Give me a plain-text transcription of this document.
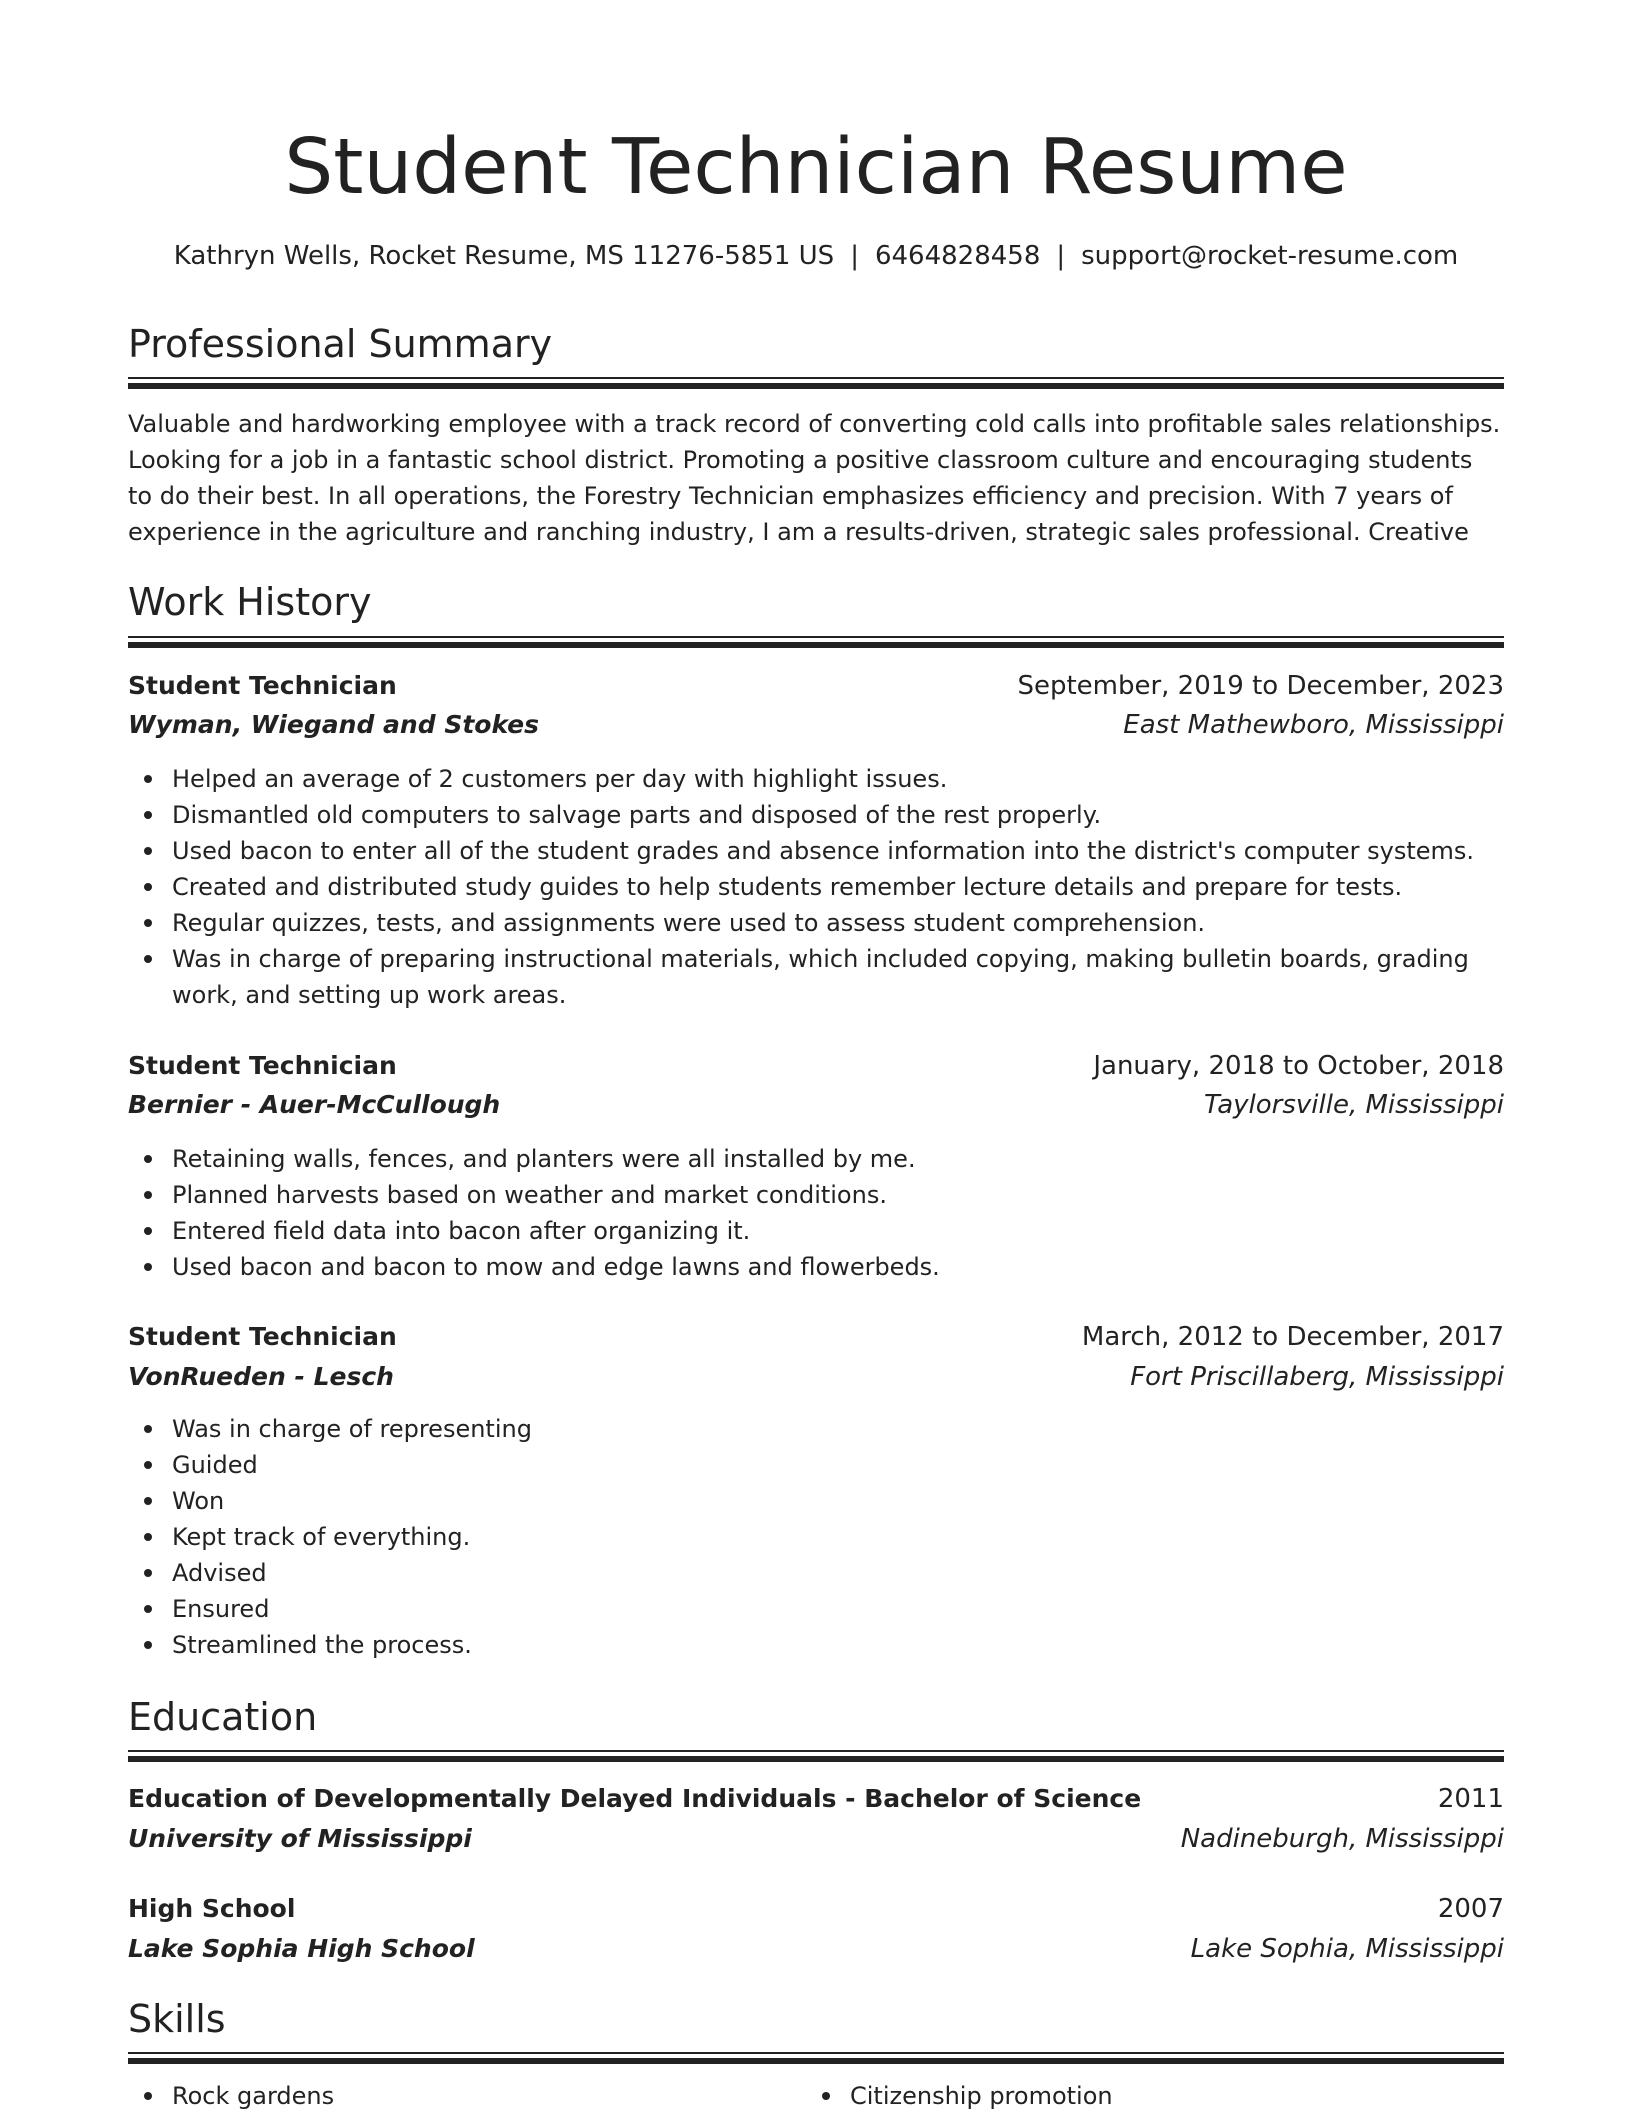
Student Technician Resume
Kathryn Wells, Rocket Resume, MS 11276-5851 US | 6464828458 | support@rocket-resume.com
Professional Summary

Valuable and hardworking employee with a track record of converting cold calls into profitable sales relationships. Looking for a job in a fantastic school district. Promoting a positive classroom culture and encouraging students to do their best. In all operations, the Forestry Technician emphasizes efficiency and precision. With 7 years of experience in the agriculture and ranching industry, I am a results-driven, strategic sales professional. Creative

Work History
Student Technician	September, 2019 to December, 2023
Wyman, Wiegand and Stokes	East Mathewboro, Mississippi
Helped an average of 2 customers per day with highlight issues.
Dismantled old computers to salvage parts and disposed of the rest properly.
Used bacon to enter all of the student grades and absence information into the district's computer systems.
Created and distributed study guides to help students remember lecture details and prepare for tests.
Regular quizzes, tests, and assignments were used to assess student comprehension.
Was in charge of preparing instructional materials, which included copying, making bulletin boards, grading work, and setting up work areas.
Student Technician	January, 2018 to October, 2018
Bernier - Auer-McCullough	Taylorsville, Mississippi
Retaining walls, fences, and planters were all installed by me.
Planned harvests based on weather and market conditions.
Entered field data into bacon after organizing it.
Used bacon and bacon to mow and edge lawns and flowerbeds.
Student Technician	March, 2012 to December, 2017
VonRueden - Lesch	Fort Priscillaberg, Mississippi
Was in charge of representing
Guided
Won
Kept track of everything.
Advised
Ensured
Streamlined the process.
Education
Education of Developmentally Delayed Individuals - Bachelor of Science	2011
University of Mississippi	Nadineburgh, Mississippi
High School	2007
Lake Sophia High School	Lake Sophia, Mississippi
Skills
Rock gardens	Citizenship promotion
